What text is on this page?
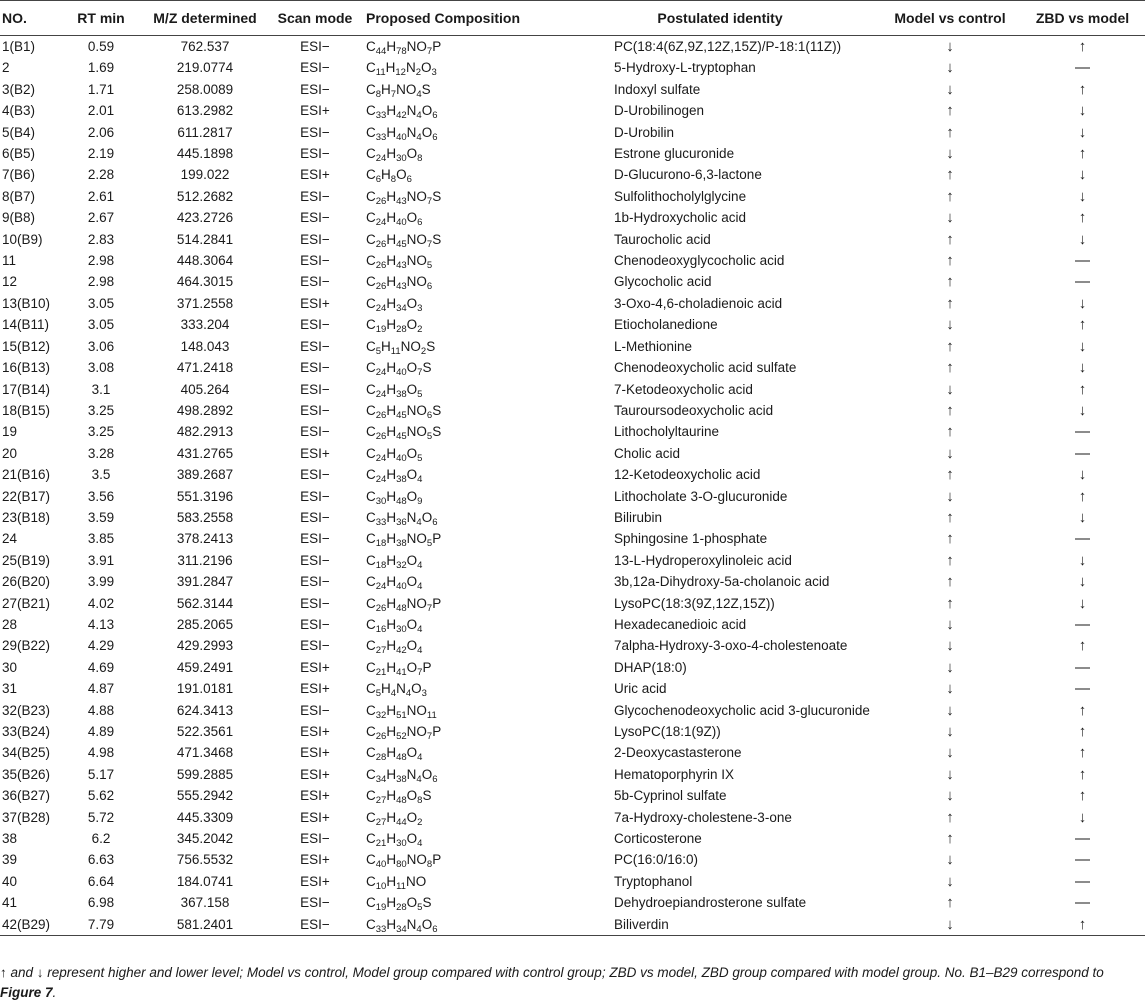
NO.	RT min	M/Z determined	Scan mode	Proposed Composition	Postulated identity	Model vs control	ZBD vs model
1(B1)	0.59	762.537	ESI−	$C_{44}H_{78}NO_7P$	PC(18:4(6Z,9Z,12Z,15Z)/P-18:1(11Z))	↓	↑
2	1.69	219.0774	ESI−	$C_{11}H_{12}N_2O_3$	5-Hydroxy-L-tryptophan	↓	—
3(B2)	1.71	258.0089	ESI−	$C_8H_7NO_4S$	Indoxyl sulfate	↓	↑
4(B3)	2.01	613.2982	ESI+	$C_{33}H_{42}N_4O_6$	D-Urobilinogen	↑	↓
5(B4)	2.06	611.2817	ESI−	$C_{33}H_{40}N_4O_6$	D-Urobilin	↑	↓
6(B5)	2.19	445.1898	ESI−	$C_{24}H_{30}O_8$	Estrone glucuronide	↓	↑
7(B6)	2.28	199.022	ESI+	$C_6H_8O_6$	D-Glucurono-6,3-lactone	↑	↓
8(B7)	2.61	512.2682	ESI−	$C_{26}H_{43}NO_7S$	Sulfolithocholylglycine	↑	↓
9(B8)	2.67	423.2726	ESI−	$C_{24}H_{40}O_6$	1b-Hydroxycholic acid	↓	↑
10(B9)	2.83	514.2841	ESI−	$C_{26}H_{45}NO_7S$	Taurocholic acid	↑	↓
11	2.98	448.3064	ESI−	$C_{26}H_{43}NO_5$	Chenodeoxyglycocholic acid	↑	—
12	2.98	464.3015	ESI−	$C_{26}H_{43}NO_6$	Glycocholic acid	↑	—
13(B10)	3.05	371.2558	ESI+	$C_{24}H_{34}O_3$	3-Oxo-4,6-choladienoic acid	↑	↓
14(B11)	3.05	333.204	ESI−	$C_{19}H_{28}O_2$	Etiocholanedione	↓	↑
15(B12)	3.06	148.043	ESI−	$C_5H_{11}NO_2S$	L-Methionine	↑	↓
16(B13)	3.08	471.2418	ESI−	$C_{24}H_{40}O_7S$	Chenodeoxycholic acid sulfate	↑	↓
17(B14)	3.1	405.264	ESI−	$C_{24}H_{38}O_5$	7-Ketodeoxycholic acid	↓	↑
18(B15)	3.25	498.2892	ESI−	$C_{26}H_{45}NO_6S$	Tauroursodeoxycholic acid	↑	↓
19	3.25	482.2913	ESI−	$C_{26}H_{45}NO_5S$	Lithocholyltaurine	↑	—
20	3.28	431.2765	ESI+	$C_{24}H_{40}O_5$	Cholic acid	↓	—
21(B16)	3.5	389.2687	ESI−	$C_{24}H_{38}O_4$	12-Ketodeoxycholic acid	↑	↓
22(B17)	3.56	551.3196	ESI−	$C_{30}H_{48}O_9$	Lithocholate 3-O-glucuronide	↓	↑
23(B18)	3.59	583.2558	ESI−	$C_{33}H_{36}N_4O_6$	Bilirubin	↑	↓
24	3.85	378.2413	ESI−	$C_{18}H_{38}NO_5P$	Sphingosine 1-phosphate	↑	—
25(B19)	3.91	311.2196	ESI−	$C_{18}H_{32}O_4$	13-L-Hydroperoxylinoleic acid	↑	↓
26(B20)	3.99	391.2847	ESI−	$C_{24}H_{40}O_4$	3b,12a-Dihydroxy-5a-cholanoic acid	↑	↓
27(B21)	4.02	562.3144	ESI−	$C_{26}H_{48}NO_7P$	LysoPC(18:3(9Z,12Z,15Z))	↑	↓
28	4.13	285.2065	ESI−	$C_{16}H_{30}O_4$	Hexadecanedioic acid	↓	—
29(B22)	4.29	429.2993	ESI−	$C_{27}H_{42}O_4$	7alpha-Hydroxy-3-oxo-4-cholestenoate	↓	↑
30	4.69	459.2491	ESI+	$C_{21}H_{41}O_7P$	DHAP(18:0)	↓	—
31	4.87	191.0181	ESI+	$C_5H_4N_4O_3$	Uric acid	↓	—
32(B23)	4.88	624.3413	ESI−	$C_{32}H_{51}NO_{11}$	Glycochenodeoxycholic acid 3-glucuronide	↓	↑
33(B24)	4.89	522.3561	ESI+	$C_{26}H_{52}NO_7P$	LysoPC(18:1(9Z))	↓	↑
34(B25)	4.98	471.3468	ESI+	$C_{28}H_{48}O_4$	2-Deoxycastasterone	↓	↑
35(B26)	5.17	599.2885	ESI+	$C_{34}H_{38}N_4O_6$	Hematoporphyrin IX	↓	↑
36(B27)	5.62	555.2942	ESI+	$C_{27}H_{48}O_8S$	5b-Cyprinol sulfate	↓	↑
37(B28)	5.72	445.3309	ESI+	$C_{27}H_{44}O_2$	7a-Hydroxy-cholestene-3-one	↑	↓
38	6.2	345.2042	ESI−	$C_{21}H_{30}O_4$	Corticosterone	↑	—
39	6.63	756.5532	ESI+	$C_{40}H_{80}NO_8P$	PC(16:0/16:0)	↓	—
40	6.64	184.0741	ESI+	$C_{10}H_{11}NO$	Tryptophanol	↓	—
41	6.98	367.158	ESI−	$C_{19}H_{28}O_5S$	Dehydroepiandrosterone sulfate	↑	—
42(B29)	7.79	581.2401	ESI−	$C_{33}H_{34}N_4O_6$	Biliverdin	↓	↑
↑ and ↓ represent higher and lower level; Model vs control, Model group compared with control group; ZBD vs model, ZBD group compared with model group. No. B1–B29 correspond to Figure 7.
